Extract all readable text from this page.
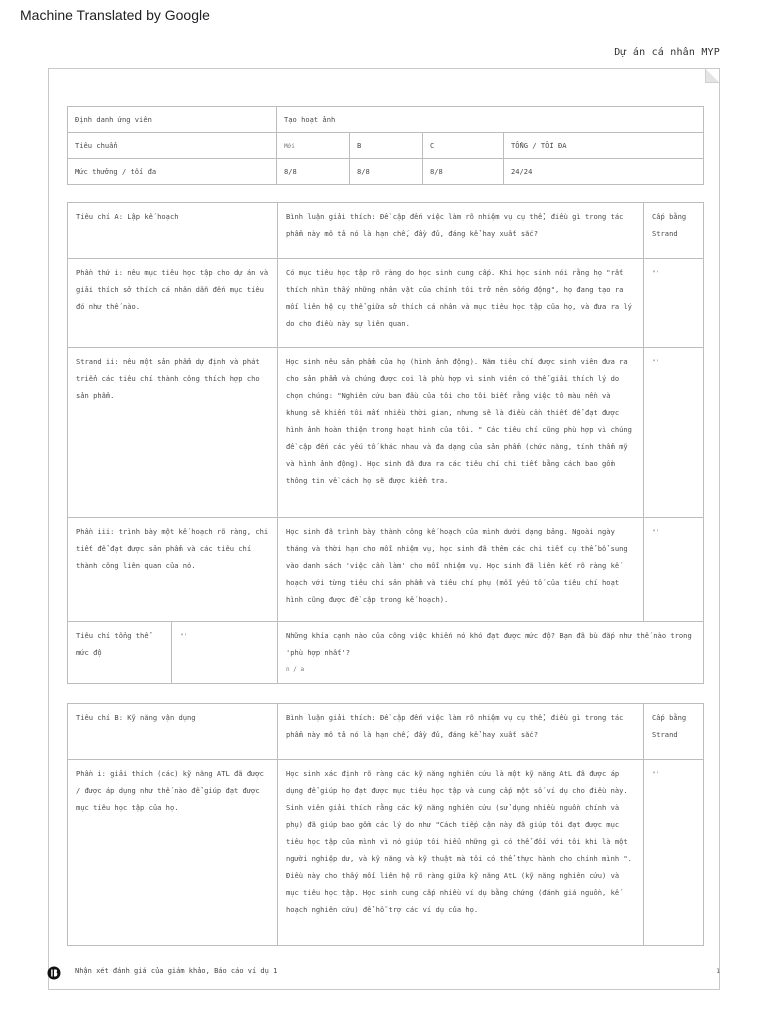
Machine Translated by Google
Dự án cá nhân MYP
Định danh ứng viên	Tạo hoạt ảnh			
Tiêu chuẩn	Mới	B	C	TỔNG / TỐI ĐA
Mức thưởng / tối đa	8/8	8/8	8/8	24/24
Tiêu chí A: Lập kế hoạch		Bình luận giải thích: Đề cập đến việc làm rõ nhiệm vụ cụ thể, điều gì trong tác phẩm này mô tả nó là hạn chế, đầy đủ, đáng kể hay xuất sắc?	Cấp bằng Strand
Phần thứ i: nêu mục tiêu học tập cho dự án và giải thích sở thích cá nhân dẫn đến mục tiêu đó như thế nào.		Có mục tiêu học tập rõ ràng do học sinh cung cấp. Khi học sinh nói rằng họ "rất thích nhìn thấy những nhân vật của chính tôi trở nên sống động", họ đang tạo ra mối liên hệ cụ thể giữa sở thích cá nhân và mục tiêu học tập của họ, và đưa ra lý do cho điều này sự liên quan.	"'
Strand ii: nêu một sản phẩm dự định và phát triển các tiêu chí thành công thích hợp cho sản phẩm.		Học sinh nêu sản phẩm của họ (hình ảnh động). Năm tiêu chí được sinh viên đưa ra cho sản phẩm và chúng được coi là phù hợp vì sinh viên có thể giải thích lý do chọn chúng: "Nghiên cứu ban đầu của tôi cho tôi biết rằng việc tô màu nền và khung sẽ khiến tôi mất nhiều thời gian, nhưng sẽ là điều cần thiết để đạt được hình ảnh hoàn thiện trong hoạt hình của tôi. " Các tiêu chí cũng phù hợp vì chúng đề cập đến các yếu tố khác nhau và đa dạng của sản phẩm (chức năng, tính thẩm mỹ và hình ảnh động). Học sinh đã đưa ra các tiêu chí chi tiết bằng cách bao gồm thông tin về cách họ sẽ được kiểm tra.	"'
Phần iii: trình bày một kế hoạch rõ ràng, chi tiết để đạt được sản phẩm và các tiêu chí thành công liên quan của nó.		Học sinh đã trình bày thành công kế hoạch của mình dưới dạng bảng. Ngoài ngày tháng và thời hạn cho mỗi nhiệm vụ, học sinh đã thêm các chi tiết cụ thể bổ sung vào danh sách 'việc cần làm' cho mỗi nhiệm vụ. Học sinh đã liên kết rõ ràng kế hoạch với từng tiêu chí sản phẩm và tiêu chí phụ (mỗi yếu tố của tiêu chí hoạt hình cũng được đề cập trong kế hoạch).	"'
Tiêu chí tổng thể mức độ	"'	Những khía cạnh nào của công việc khiến nó khó đạt được mức độ? Bạn đã bù đắp như thế nào trong 'phù hợp nhất'?
n / a	
Tiêu chí B: Kỹ năng vận dụng	Bình luận giải thích: Đề cập đến việc làm rõ nhiệm vụ cụ thể, điều gì trong tác phẩm này mô tả nó là hạn chế, đầy đủ, đáng kể hay xuất sắc?	Cấp bằng Strand
Phần i: giải thích (các) kỹ năng ATL đã được / được áp dụng như thế nào để giúp đạt được mục tiêu học tập của họ.	Học sinh xác định rõ ràng các kỹ năng nghiên cứu là một kỹ năng AtL đã được áp dụng để giúp họ đạt được mục tiêu học tập và cung cấp một số ví dụ cho điều này. Sinh viên giải thích rằng các kỹ năng nghiên cứu (sử dụng nhiều nguồn chính và phụ) đã giúp bao gồm các lý do như "Cách tiếp cận này đã giúp tôi đạt được mục tiêu học tập của mình vì nó giúp tôi hiểu những gì có thể đối với tôi khi là một người nghiệp dư, và kỹ năng và kỹ thuật mà tôi có thể thực hành cho chính mình ". Điều này cho thấy mối liên hệ rõ ràng giữa kỹ năng AtL (kỹ năng nghiên cứu) và mục tiêu học tập. Học sinh cung cấp nhiều ví dụ bằng chứng (đánh giá nguồn, kế hoạch nghiên cứu) để hỗ trợ các ví dụ của họ.	"'
Nhận xét đánh giá của giám khảo, Báo cáo ví dụ 1	1
